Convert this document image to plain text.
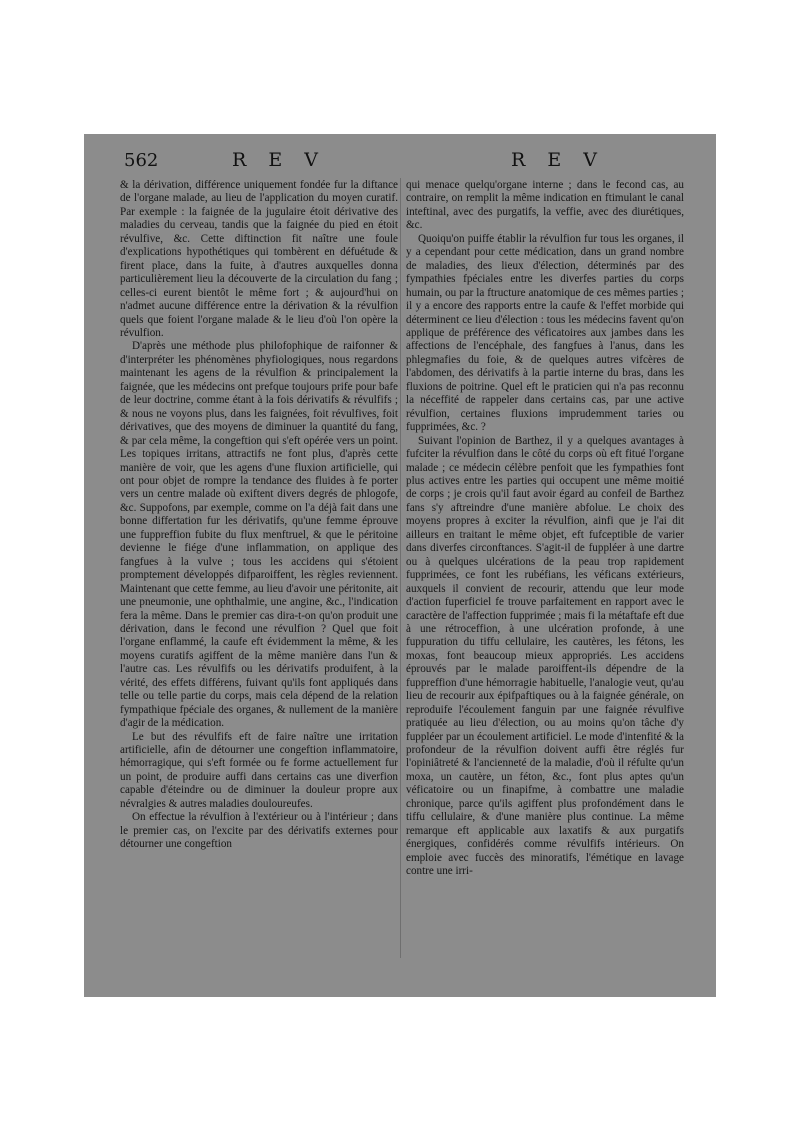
562	R E V	R E V

& la dérivation, différence uniquement fondée fur la diftance de l'organe malade, au lieu de l'application du moyen curatif. Par exemple : la faignée de la jugulaire étoit dérivative des maladies du cerveau, tandis que la faignée du pied en étoit révulfive, &c. Cette diftinction fit naître une foule d'explications hypothétiques qui tombèrent en défuétude & firent place, dans la fuite, à d'autres auxquelles donna particulièrement lieu la découverte de la circulation du fang ; celles-ci eurent bientôt le même fort ; & aujourd'hui on n'admet aucune différence entre la dérivation & la révulfion quels que foient l'organe malade & le lieu d'où l'on opère la révulfion.

D'après une méthode plus philofophique de raifonner & d'interpréter les phénomènes phyfiologiques, nous regardons maintenant les agens de la révulfion & principalement la faignée, que les médecins ont prefque toujours prife pour bafe de leur doctrine, comme étant à la fois dérivatifs & révulfifs ; & nous ne voyons plus, dans les faignées, foit révulfives, foit dérivatives, que des moyens de diminuer la quantité du fang, & par cela même, la congeftion qui s'eft opérée vers un point. Les topiques irritans, attractifs ne font plus, d'après cette manière de voir, que les agens d'une fluxion artificielle, qui ont pour objet de rompre la tendance des fluides à fe porter vers un centre malade où exiftent divers degrés de phlogofe, &c. Suppofons, par exemple, comme on l'a déjà fait dans une bonne differtation fur les dérivatifs, qu'une femme éprouve une fuppreffion fubite du flux menftruel, & que le péritoine devienne le fiége d'une inflammation, on applique des fangfues à la vulve ; tous les accidens qui s'étoient promptement développés difparoiffent, les règles reviennent. Maintenant que cette femme, au lieu d'avoir une péritonite, ait une pneumonie, une ophthalmie, une angine, &c., l'indication fera la même. Dans le premier cas dira-t-on qu'on produit une dérivation, dans le fecond une révulfion ? Quel que foit l'organe enflammé, la caufe eft évidemment la même, & les moyens curatifs agiffent de la même manière dans l'un & l'autre cas. Les révulfifs ou les dérivatifs produifent, à la vérité, des effets différens, fuivant qu'ils font appliqués dans telle ou telle partie du corps, mais cela dépend de la relation fympathique fpéciale des organes, & nullement de la manière d'agir de la médication.

Le but des révulfifs eft de faire naître une irritation artificielle, afin de détourner une congeftion inflammatoire, hémorragique, qui s'eft formée ou fe forme actuellement fur un point, de produire auffi dans certains cas une diverfion capable d'éteindre ou de diminuer la douleur propre aux névralgies & autres maladies douloureufes.

On effectue la révulfion à l'extérieur ou à l'intérieur ; dans le premier cas, on l'excite par des dérivatifs externes pour détourner une congeftion

qui menace quelqu'organe interne ; dans le fecond cas, au contraire, on remplit la même indication en ftimulant le canal inteftinal, avec des purgatifs, la veffie, avec des diurétiques, &c.

Quoiqu'on puiffe établir la révulfion fur tous les organes, il y a cependant pour cette médication, dans un grand nombre de maladies, des lieux d'élection, déterminés par des fympathies fpéciales entre les diverfes parties du corps humain, ou par la ftructure anatomique de ces mêmes parties ; il y a encore des rapports entre la caufe & l'effet morbide qui déterminent ce lieu d'élection : tous les médecins favent qu'on applique de préférence des véficatoires aux jambes dans les affections de l'encéphale, des fangfues à l'anus, dans les phlegmafies du foie, & de quelques autres vifcères de l'abdomen, des dérivatifs à la partie interne du bras, dans les fluxions de poitrine. Quel eft le praticien qui n'a pas reconnu la néceffité de rappeler dans certains cas, par une active révulfion, certaines fluxions imprudemment taries ou fupprimées, &c. ?

Suivant l'opinion de Barthez, il y a quelques avantages à fufciter la révulfion dans le côté du corps où eft fitué l'organe malade ; ce médecin célèbre penfoit que les fympathies font plus actives entre les parties qui occupent une même moitié de corps ; je crois qu'il faut avoir égard au confeil de Barthez fans s'y aftreindre d'une manière abfolue. Le choix des moyens propres à exciter la révulfion, ainfi que je l'ai dit ailleurs en traitant le même objet, eft fufceptible de varier dans diverfes circonftances. S'agit-il de fuppléer à une dartre ou à quelques ulcérations de la peau trop rapidement fupprimées, ce font les rubéfians, les véficans extérieurs, auxquels il convient de recourir, attendu que leur mode d'action fuperficiel fe trouve parfaitement en rapport avec le caractère de l'affection fupprimée ; mais fi la métaftafe eft due à une rétroceffion, à une ulcération profonde, à une fuppuration du tiffu cellulaire, les cautères, les fétons, les moxas, font beaucoup mieux appropriés. Les accidens éprouvés par le malade paroiffent-ils dépendre de la fuppreffion d'une hémorragie habituelle, l'analogie veut, qu'au lieu de recourir aux épifpaftiques ou à la faignée générale, on reproduife l'écoulement fanguin par une faignée révulfive pratiquée au lieu d'élection, ou au moins qu'on tâche d'y fuppléer par un écoulement artificiel. Le mode d'intenfité & la profondeur de la révulfion doivent auffi être réglés fur l'opiniâtreté & l'ancienneté de la maladie, d'où il réfulte qu'un moxa, un cautère, un féton, &c., font plus aptes qu'un véficatoire ou un finapifme, à combattre une maladie chronique, parce qu'ils agiffent plus profondément dans le tiffu cellulaire, & d'une manière plus continue. La même remarque eft applicable aux laxatifs & aux purgatifs énergiques, confidérés comme révulfifs intérieurs. On emploie avec fuccès des minoratifs, l'émétique en lavage contre une irri-
